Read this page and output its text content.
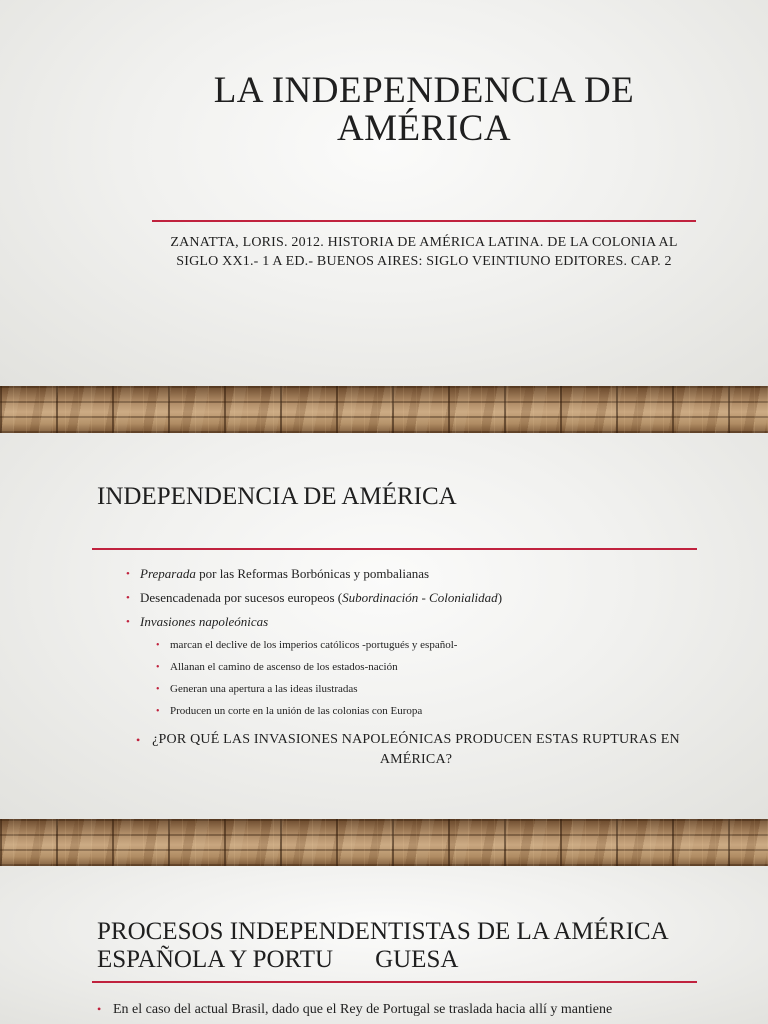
LA INDEPENDENCIA DE AMÉRICA
ZANATTA, LORIS. 2012. HISTORIA DE AMÉRICA LATINA. DE LA COLONIA AL SIGLO XX1.- 1 A ED.- BUENOS AIRES: SIGLO VEINTIUNO EDITORES. CAP. 2
INDEPENDENCIA DE AMÉRICA
• Preparada por las Reformas Borbónicas y pombalianas
• Desencadenada por sucesos europeos (Subordinación - Colonialidad)
• Invasiones napoleónicas
• marcan el declive de los imperios católicos -portugués y español-
• Allanan el camino de ascenso de los estados-nación
• Generan una apertura a las ideas ilustradas
• Producen un corte en la unión de las colonias con Europa
• ¿POR QUÉ LAS INVASIONES NAPOLEÓNICAS PRODUCEN ESTAS RUPTURAS EN AMÉRICA?
PROCESOS INDEPENDENTISTAS DE LA AMÉRICA
ESPAÑOLA Y PORTU GUESA
• En el caso del actual Brasil, dado que el Rey de Portugal se traslada hacia allí y mantiene
